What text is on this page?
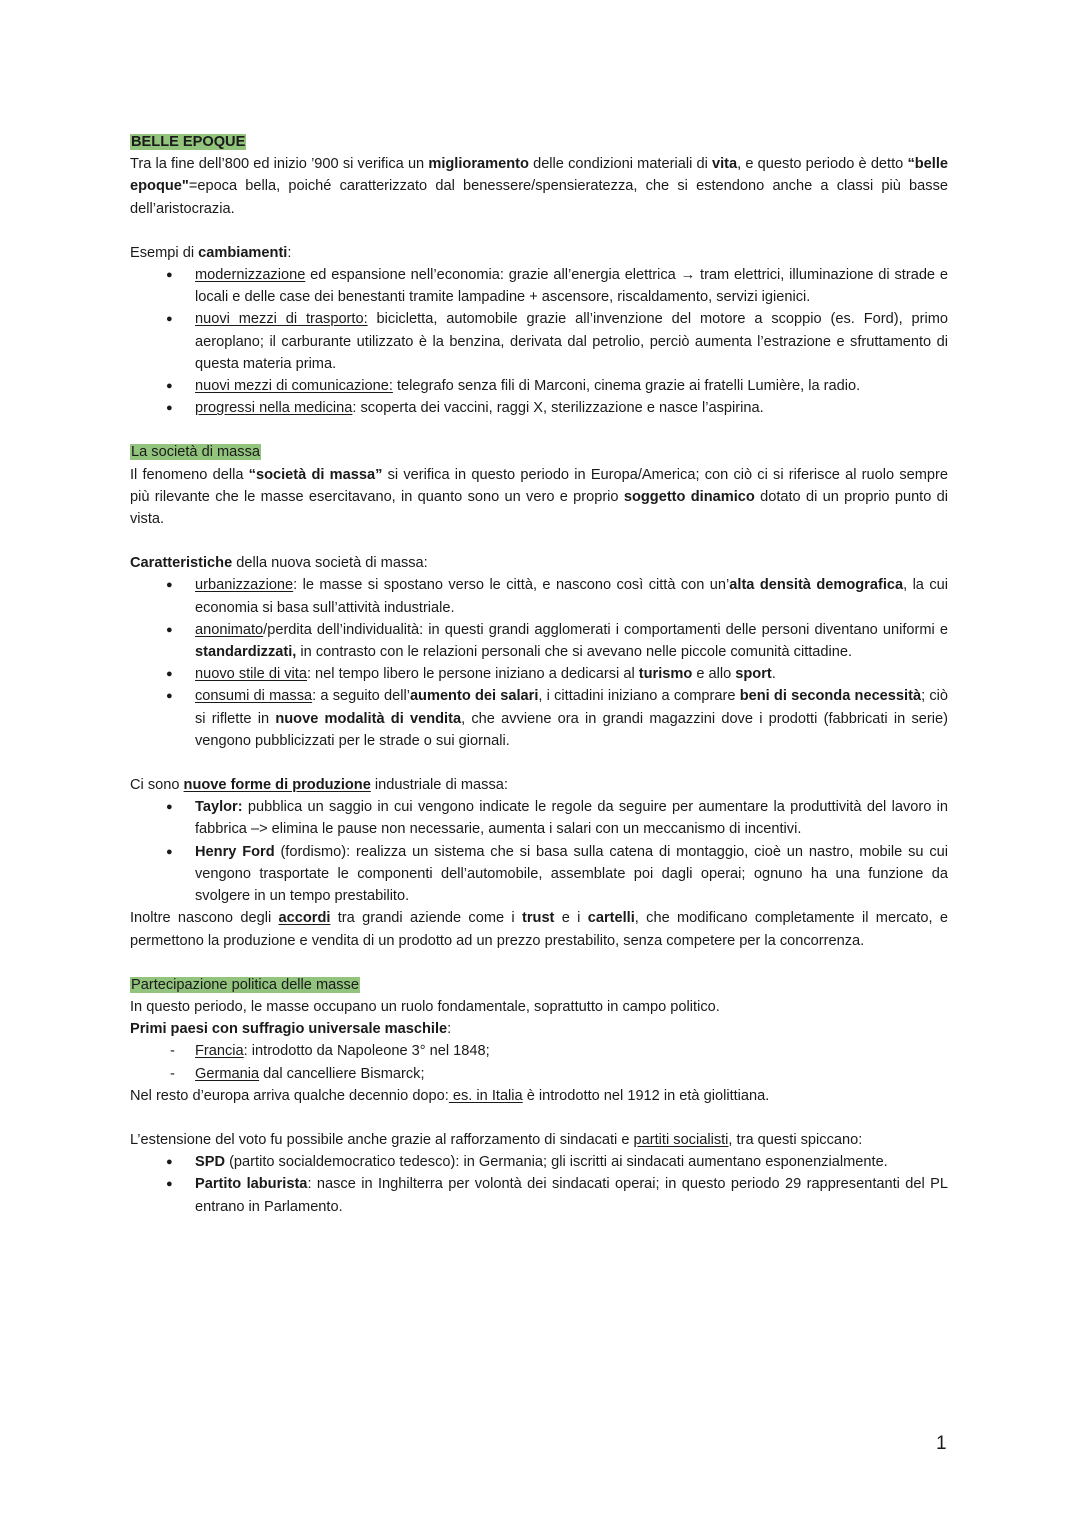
BELLE EPOQUE

Tra la fine dell’800 ed inizio ’900 si verifica un miglioramento delle condizioni materiali di vita, e questo periodo è detto “belle epoque"=epoca bella, poiché caratterizzato dal benessere/spensieratezza, che si estendono anche a classi più basse dell’aristocrazia.

Esempi di cambiamenti:

● modernizzazione ed espansione nell’economia: grazie all’energia elettrica → tram elettrici, illuminazione di strade e locali e delle case dei benestanti tramite lampadine + ascensore, riscaldamento, servizi igienici.
● nuovi mezzi di trasporto: bicicletta, automobile grazie all’invenzione del motore a scoppio (es. Ford), primo aeroplano; il carburante utilizzato è la benzina, derivata dal petrolio, perciò aumenta l’estrazione e sfruttamento di questa materia prima.
● nuovi mezzi di comunicazione: telegrafo senza fili di Marconi, cinema grazie ai fratelli Lumière, la radio.
● progressi nella medicina: scoperta dei vaccini, raggi X, sterilizzazione e nasce l’aspirina.

La società di massa

Il fenomeno della “società di massa” si verifica in questo periodo in Europa/America; con ciò ci si riferisce al ruolo sempre più rilevante che le masse esercitavano, in quanto sono un vero e proprio soggetto dinamico dotato di un proprio punto di vista.

Caratteristiche della nuova società di massa:

● urbanizzazione: le masse si spostano verso le città, e nascono così città con un’alta densità demografica, la cui economia si basa sull’attività industriale.
● anonimato/perdita dell’individualità: in questi grandi agglomerati i comportamenti delle personi diventano uniformi e standardizzati, in contrasto con le relazioni personali che si avevano nelle piccole comunità cittadine.
● nuovo stile di vita: nel tempo libero le persone iniziano a dedicarsi al turismo e allo sport.
● consumi di massa: a seguito dell’aumento dei salari, i cittadini iniziano a comprare beni di seconda necessità; ciò si riflette in nuove modalità di vendita, che avviene ora in grandi magazzini dove i prodotti (fabbricati in serie) vengono pubblicizzati per le strade o sui giornali.

Ci sono nuove forme di produzione industriale di massa:

● Taylor: pubblica un saggio in cui vengono indicate le regole da seguire per aumentare la produttività del lavoro in fabbrica –> elimina le pause non necessarie, aumenta i salari con un meccanismo di incentivi.
● Henry Ford (fordismo): realizza un sistema che si basa sulla catena di montaggio, cioè un nastro, mobile su cui vengono trasportate le componenti dell’automobile, assemblate poi dagli operai; ognuno ha una funzione da svolgere in un tempo prestabilito.

Inoltre nascono degli accordi tra grandi aziende come i trust e i cartelli, che modificano completamente il mercato, e permettono la produzione e vendita di un prodotto ad un prezzo prestabilito, senza competere per la concorrenza.

Partecipazione politica delle masse

In questo periodo, le masse occupano un ruolo fondamentale, soprattutto in campo politico.

Primi paesi con suffragio universale maschile:

- Francia: introdotto da Napoleone 3° nel 1848;
- Germania dal cancelliere Bismarck;

Nel resto d’europa arriva qualche decennio dopo: es. in Italia è introdotto nel 1912 in età giolittiana.

L’estensione del voto fu possibile anche grazie al rafforzamento di sindacati e partiti socialisti, tra questi spiccano:

● SPD (partito socialdemocratico tedesco): in Germania; gli iscritti ai sindacati aumentano esponenzialmente.
● Partito laburista: nasce in Inghilterra per volontà dei sindacati operai; in questo periodo 29 rappresentanti del PL entrano in Parlamento.
1
